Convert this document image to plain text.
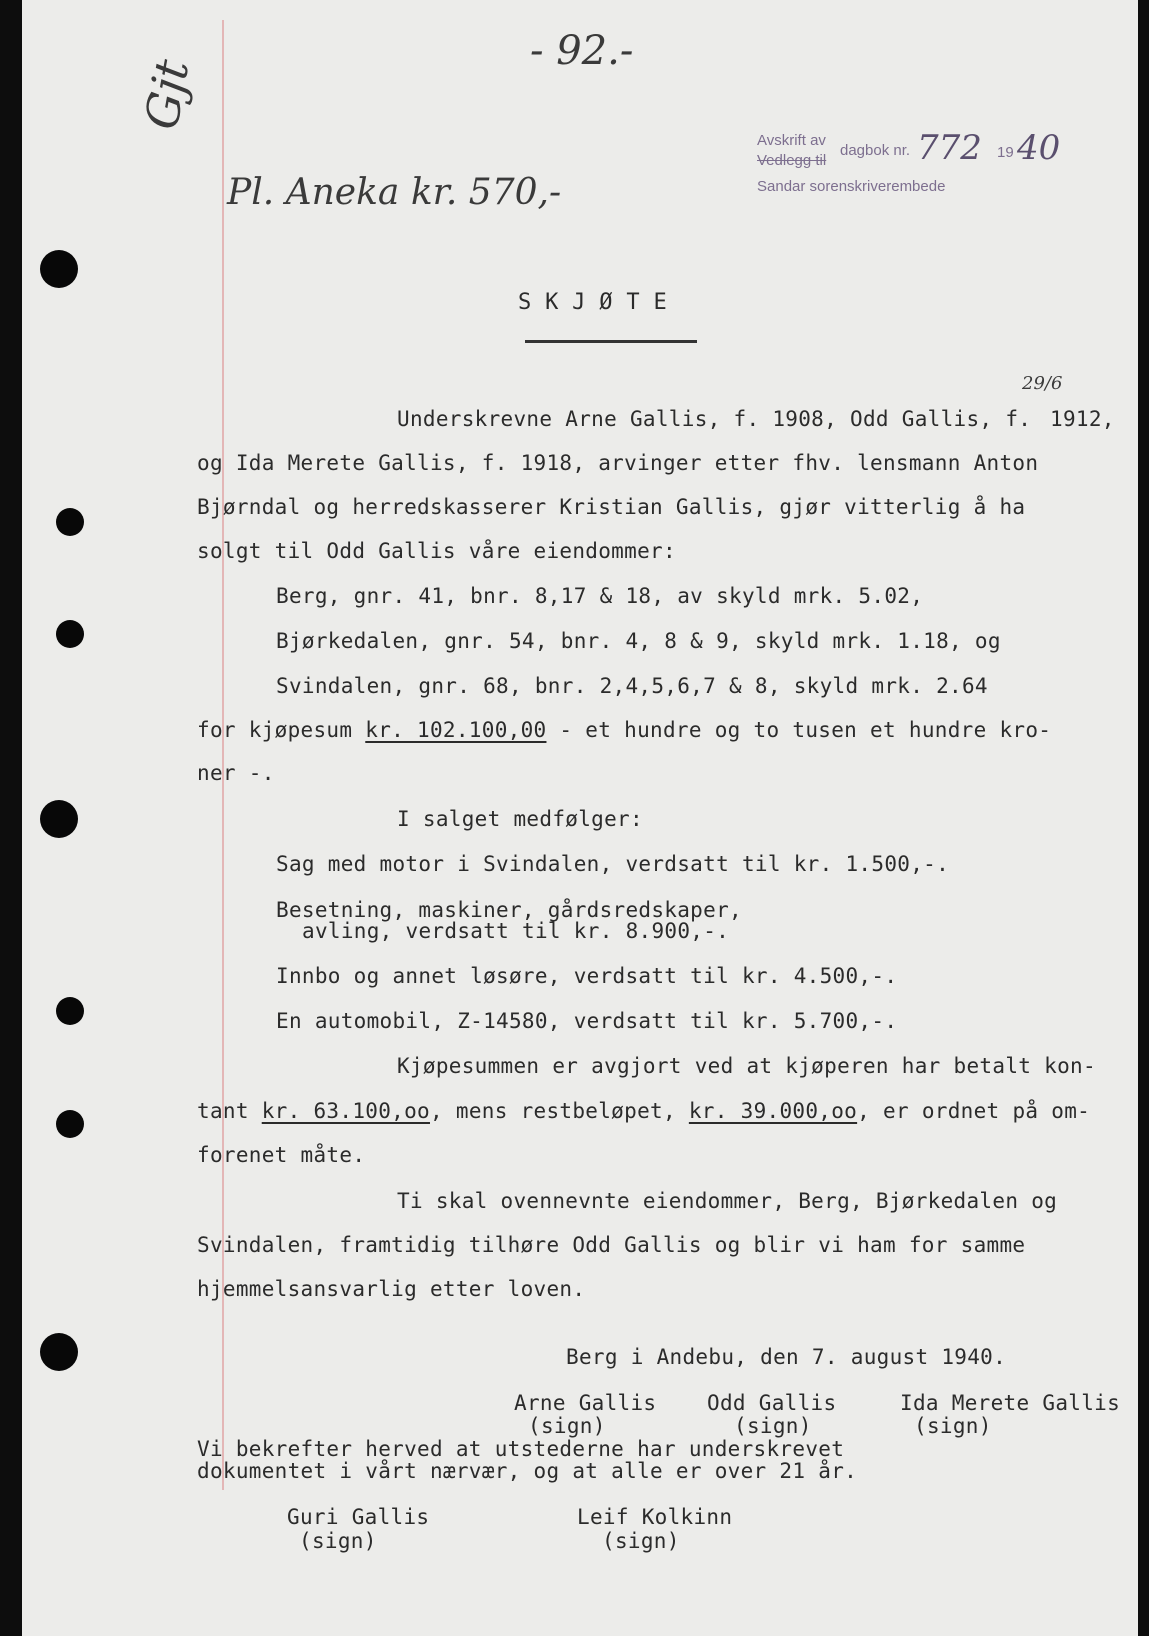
- 92.-
Gjt
Pl. Aneka kr. 570,-
Avskrift av
Vedlegg til
dagbok nr. 772 19 40
Sandar sorenskriverembede
S K J Ø T E
29/6
Underskrevne Arne Gallis, f. 1908, Odd Gallis, f. 1912,
og Ida Merete Gallis, f. 1918, arvinger etter fhv. lensmann Anton
Bjørndal og herredskasserer Kristian Gallis, gjør vitterlig å ha
solgt til Odd Gallis våre eiendommer:
Berg, gnr. 41, bnr. 8,17 & 18, av skyld mrk. 5.02,
Bjørkedalen, gnr. 54, bnr. 4, 8 & 9, skyld mrk. 1.18, og
Svindalen, gnr. 68, bnr. 2,4,5,6,7 & 8, skyld mrk. 2.64
for kjøpesum kr. 102.100,00 - et hundre og to tusen et hundre kro-
ner -.
I salget medfølger:
Sag med motor i Svindalen, verdsatt til kr. 1.500,-.
Besetning, maskiner, gårdsredskaper,
avling, verdsatt til kr. 8.900,-.
Innbo og annet løsøre, verdsatt til kr. 4.500,-.
En automobil, Z-14580, verdsatt til kr. 5.700,-.
Kjøpesummen er avgjort ved at kjøperen har betalt kon-
tant kr. 63.100,oo, mens restbeløpet, kr. 39.000,oo, er ordnet på om-
forenet måte.
Ti skal ovennevnte eiendommer, Berg, Bjørkedalen og
Svindalen, framtidig tilhøre Odd Gallis og blir vi ham for samme
hjemmelsansvarlig etter loven.
Berg i Andebu, den 7. august 1940.
Arne Gallis Odd Gallis	Ida Merete Gallis
(sign)	(sign)	(sign)
Vi bekrefter herved at utstederne har underskrevet
dokumentet i vårt nærvær, og at alle er over 21 år.
Guri Gallis	Leif Kolkinn
(sign)	(sign)
